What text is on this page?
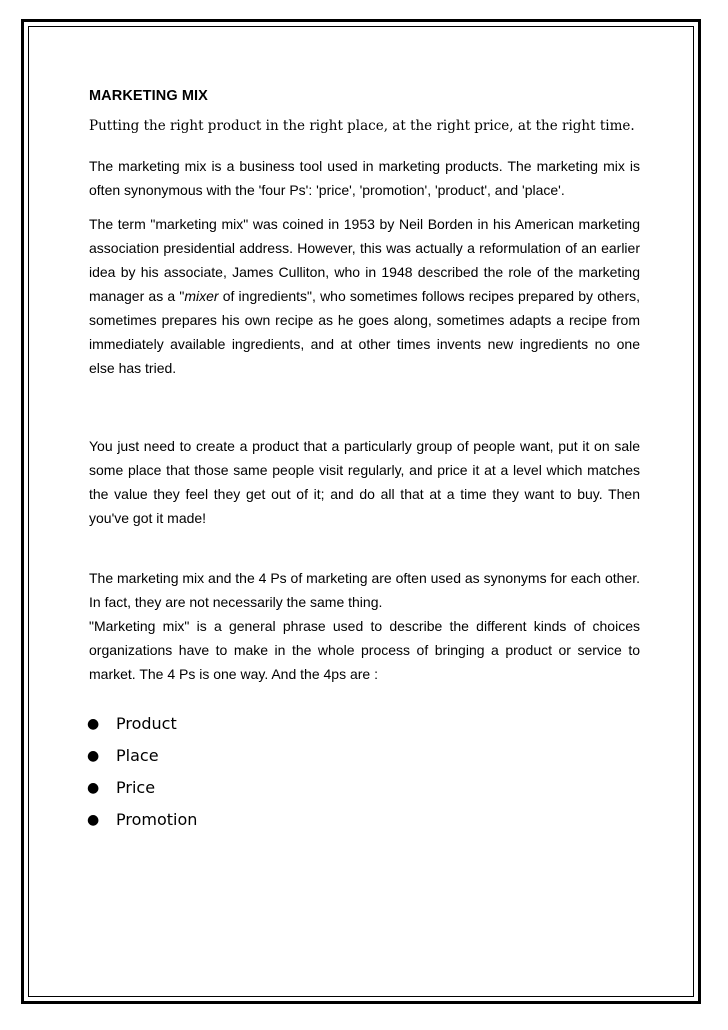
MARKETING MIX

Putting the right product in the right place, at the right price, at the right time.

The marketing mix is a business tool used in marketing products. The marketing mix is often synonymous with the 'four Ps': 'price', 'promotion', 'product', and 'place'.

The term "marketing mix" was coined in 1953 by Neil Borden in his American marketing association presidential address. However, this was actually a reformulation of an earlier idea by his associate, James Culliton, who in 1948 described the role of the marketing manager as a "mixer of ingredients", who sometimes follows recipes prepared by others, sometimes prepares his own recipe as he goes along, sometimes adapts a recipe from immediately available ingredients, and at other times invents new ingredients no one else has tried.

You just need to create a product that a particularly group of people want, put it on sale some place that those same people visit regularly, and price it at a level which matches the value they feel they get out of it; and do all that at a time they want to buy. Then you've got it made!

The marketing mix and the 4 Ps of marketing are often used as synonyms for each other. In fact, they are not necessarily the same thing.

"Marketing mix" is a general phrase used to describe the different kinds of choices organizations have to make in the whole process of bringing a product or service to market. The 4 Ps is one way. And the 4ps are :

● Product
● Place
● Price
● Promotion
